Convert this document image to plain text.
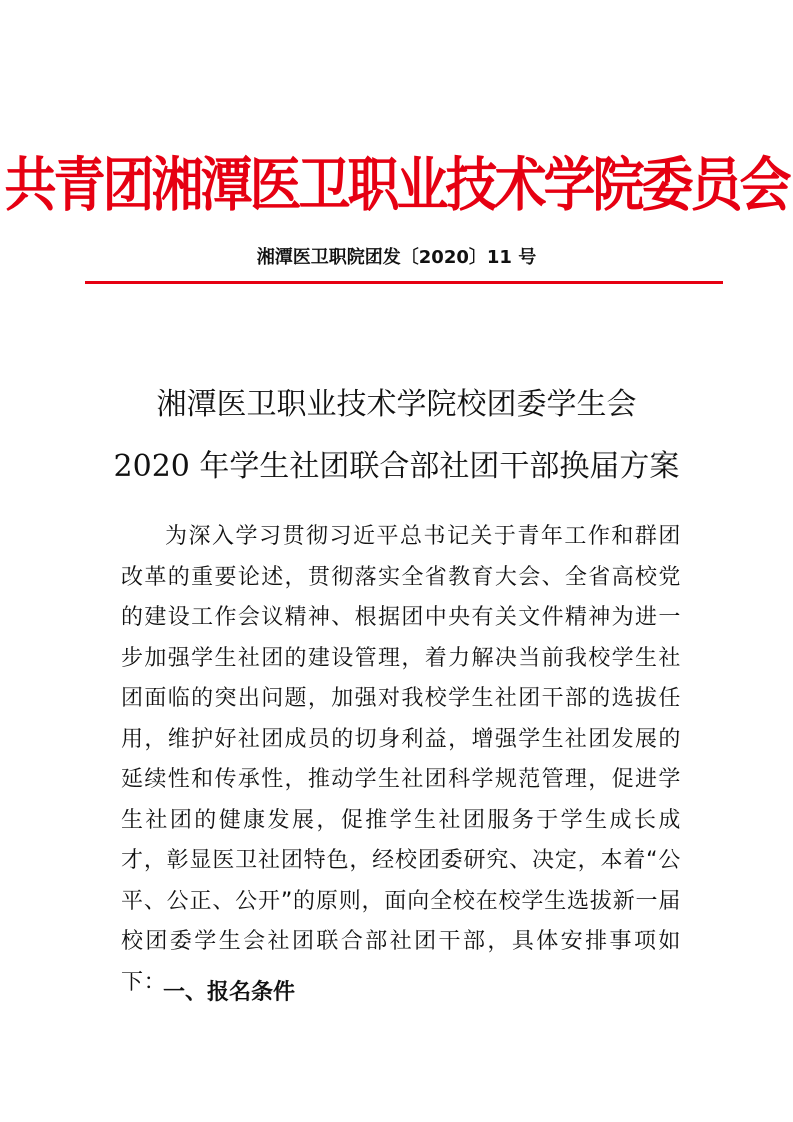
共青团湘潭医卫职业技术学院委员会
湘潭医卫职院团发〔2020〕11 号
湘潭医卫职业技术学院校团委学生会
2020 年学生社团联合部社团干部换届方案
为深入学习贯彻习近平总书记关于青年工作和群团改革的重要论述，贯彻落实全省教育大会、全省高校党的建设工作会议精神、根据团中央有关文件精神为进一步加强学生社团的建设管理，着力解决当前我校学生社团面临的突出问题，加强对我校学生社团干部的选拔任用，维护好社团成员的切身利益，增强学生社团发展的延续性和传承性，推动学生社团科学规范管理，促进学生社团的健康发展，促推学生社团服务于学生成长成才，彰显医卫社团特色，经校团委研究、决定，本着“公平、公正、公开”的原则，面向全校在校学生选拔新一届校团委学生会社团联合部社团干部，具体安排事项如下：
一、报名条件
